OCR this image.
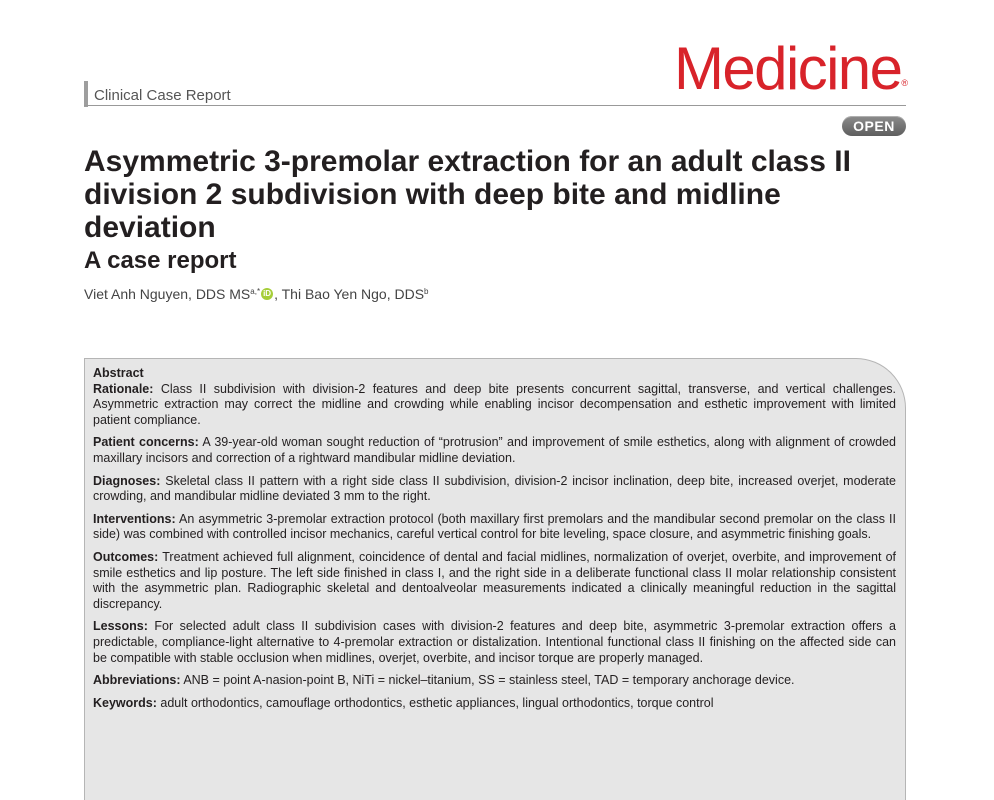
Clinical Case Report	Medicine®
OPEN
Asymmetric 3-premolar extraction for an adult class II division 2 subdivision with deep bite and midline deviation
A case report
Viet Anh Nguyen, DDS $MS^{a,*}$ iD , Thi Bao Yen Ngo, DDS$^b$
Abstract

Rationale: Class II subdivision with division-2 features and deep bite presents concurrent sagittal, transverse, and vertical challenges. Asymmetric extraction may correct the midline and crowding while enabling incisor decompensation and esthetic improvement with limited patient compliance.

Patient concerns: A 39-year-old woman sought reduction of “protrusion” and improvement of smile esthetics, along with alignment of crowded maxillary incisors and correction of a rightward mandibular midline deviation.

Diagnoses: Skeletal class II pattern with a right side class II subdivision, division-2 incisor inclination, deep bite, increased overjet, moderate crowding, and mandibular midline deviated 3 mm to the right.

Interventions: An asymmetric 3-premolar extraction protocol (both maxillary first premolars and the mandibular second premolar on the class II side) was combined with controlled incisor mechanics, careful vertical control for bite leveling, space closure, and asymmetric finishing goals.

Outcomes: Treatment achieved full alignment, coincidence of dental and facial midlines, normalization of overjet, overbite, and improvement of smile esthetics and lip posture. The left side finished in class I, and the right side in a deliberate functional class II molar relationship consistent with the asymmetric plan. Radiographic skeletal and dentoalveolar measurements indicated a clinically meaningful reduction in the sagittal discrepancy.

Lessons: For selected adult class II subdivision cases with division-2 features and deep bite, asymmetric 3-premolar extraction offers a predictable, compliance-light alternative to 4-premolar extraction or distalization. Intentional functional class II finishing on the affected side can be compatible with stable occlusion when midlines, overjet, overbite, and incisor torque are properly managed.

Abbreviations: ANB = point A-nasion-point B, NiTi = nickel–titanium, SS = stainless steel, TAD = temporary anchorage device.

Keywords: adult orthodontics, camouflage orthodontics, esthetic appliances, lingual orthodontics, torque control
